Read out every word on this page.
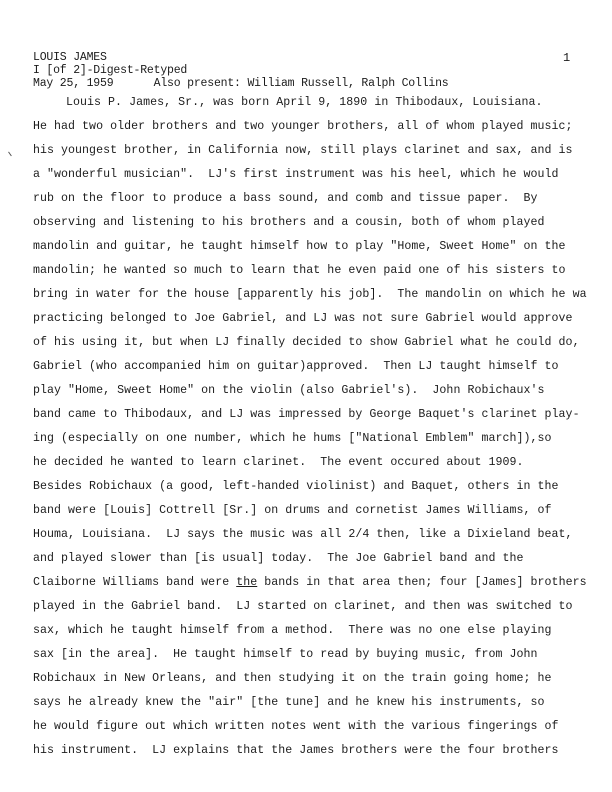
LOUIS JAMES
I [of 2]-Digest-Retyped
May 25, 1959	Also present: William Russell, Ralph Collins
1
Louis P. James, Sr., was born April 9, 1890 in Thibodaux, Louisiana.
He had two older brothers and two younger brothers, all of whom played music;
his youngest brother, in California now, still plays clarinet and sax, and is
a "wonderful musician".  LJ's first instrument was his heel, which he would
rub on the floor to produce a bass sound, and comb and tissue paper.  By
observing and listening to his brothers and a cousin, both of whom played
mandolin and guitar, he taught himself how to play "Home, Sweet Home" on the
mandolin; he wanted so much to learn that he even paid one of his sisters to
bring in water for the house [apparently his job].  The mandolin on which he wa
practicing belonged to Joe Gabriel, and LJ was not sure Gabriel would approve
of his using it, but when LJ finally decided to show Gabriel what he could do,
Gabriel (who accompanied him on guitar)approved.  Then LJ taught himself to
play "Home, Sweet Home" on the violin (also Gabriel's).  John Robichaux's
band came to Thibodaux, and LJ was impressed by George Baquet's clarinet play-
ing (especially on one number, which he hums ["National Emblem" march]),so
he decided he wanted to learn clarinet.  The event occured about 1909.
Besides Robichaux (a good, left-handed violinist) and Baquet, others in the
band were [Louis] Cottrell [Sr.] on drums and cornetist James Williams, of
Houma, Louisiana.  LJ says the music was all 2/4 then, like a Dixieland beat,
and played slower than [is usual] today.  The Joe Gabriel band and the
Claiborne Williams band were the bands in that area then; four [James] brothers
played in the Gabriel band.  LJ started on clarinet, and then was switched to
sax, which he taught himself from a method.  There was no one else playing
sax [in the area].  He taught himself to read by buying music, from John
Robichaux in New Orleans, and then studying it on the train going home; he
says he already knew the "air" [the tune] and he knew his instruments, so
he would figure out which written notes went with the various fingerings of
his instrument.  LJ explains that the James brothers were the four brothers
